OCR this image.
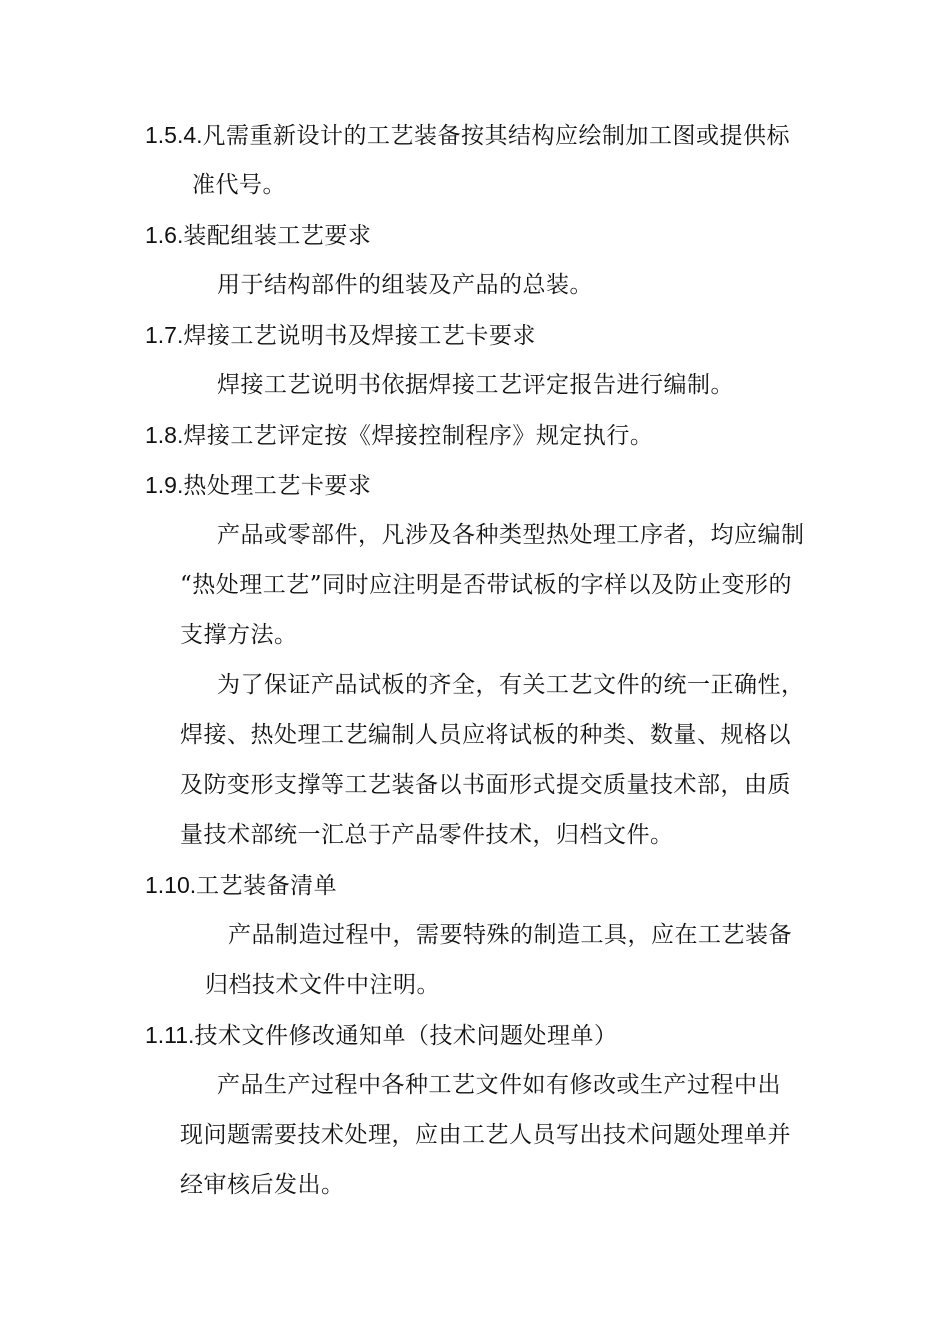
1.5.4.凡需重新设计的工艺装备按其结构应绘制加工图或提供标
准代号。
1.6.装配组装工艺要求
用于结构部件的组装及产品的总装。
1.7.焊接工艺说明书及焊接工艺卡要求
焊接工艺说明书依据焊接工艺评定报告进行编制。
1.8.焊接工艺评定按《焊接控制程序》规定执行。
1.9.热处理工艺卡要求
产品或零部件，凡涉及各种类型热处理工序者，均应编制
“热处理工艺”同时应注明是否带试板的字样以及防止变形的
支撑方法。
为了保证产品试板的齐全，有关工艺文件的统一正确性，
焊接、热处理工艺编制人员应将试板的种类、数量、规格以
及防变形支撑等工艺装备以书面形式提交质量技术部，由质
量技术部统一汇总于产品零件技术，归档文件。
1.10.工艺装备清单
产品制造过程中，需要特殊的制造工具，应在工艺装备
归档技术文件中注明。
1.11.技术文件修改通知单（技术问题处理单）
产品生产过程中各种工艺文件如有修改或生产过程中出
现问题需要技术处理，应由工艺人员写出技术问题处理单并
经审核后发出。
